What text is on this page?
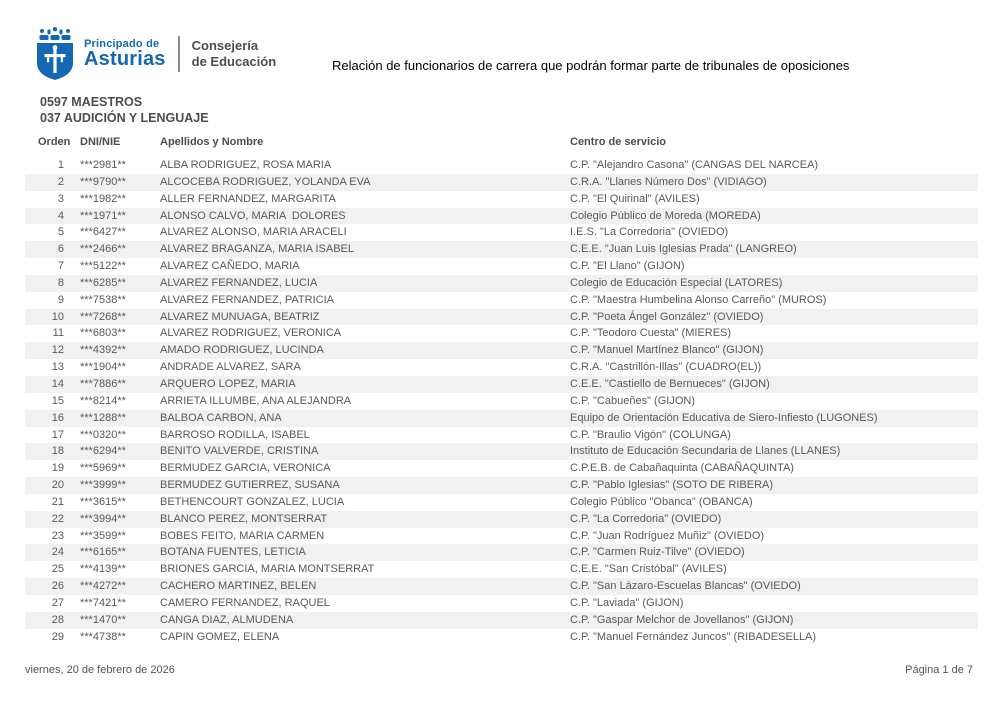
Principado de
Asturias
Consejería
de Educación	Relación de funcionarios de carrera que podrán formar parte de tribunales de oposiciones
0597 MAESTROS
037 AUDICIÓN Y LENGUAJE
Orden DNI/NIE	Apellidos y Nombre	Centro de servicio
1	***2981**	ALBA RODRIGUEZ, ROSA MARIA	C.P. "Alejandro Casona" (CANGAS DEL NARCEA)
2	***9790**	ALCOCEBA RODRIGUEZ, YOLANDA EVA	C.R.A. "Llanes Número Dos" (VIDIAGO)
3	***1982**	ALLER FERNANDEZ, MARGARITA	C.P. "El Quirinal" (AVILES)
4	***1971**	ALONSO CALVO, MARIA  DOLORES	Colegio Público de Moreda (MOREDA)
5	***6427**	ALVAREZ ALONSO, MARIA ARACELI	I.E.S. "La Corredoria" (OVIEDO)
6	***2466**	ALVAREZ BRAGANZA, MARIA ISABEL	C.E.E. "Juan Luis Iglesias Prada" (LANGREO)
7	***5122**	ALVAREZ CAÑEDO, MARIA	C.P. "El Llano" (GIJON)
8	***6285**	ALVAREZ FERNANDEZ, LUCIA	Colegio de Educación Especial (LATORES)
9	***7538**	ALVAREZ FERNANDEZ, PATRICIA	C.P. "Maestra Humbelina Alonso Carreño" (MUROS)
10	***7268**	ALVAREZ MUNUAGA, BEATRIZ	C.P. "Poeta Ángel González" (OVIEDO)
11	***6803**	ALVAREZ RODRIGUEZ, VERONICA	C.P. "Teodoro Cuesta" (MIERES)
12	***4392**	AMADO RODRIGUEZ, LUCINDA	C.P. "Manuel Martínez Blanco" (GIJON)
13	***1904**	ANDRADE ALVAREZ, SARA	C.R.A. "Castrillón-Illas" (CUADRO(EL))
14	***7886**	ARQUERO LOPEZ, MARIA	C.E.E. "Castiello de Bernueces" (GIJON)
15	***8214**	ARRIETA ILLUMBE, ANA ALEJANDRA	C.P. "Cabueñes" (GIJON)
16	***1288**	BALBOA CARBON, ANA	Equipo de Orientación Educativa de Siero-Infiesto (LUGONES)
17	***0320**	BARROSO RODILLA, ISABEL	C.P. "Braulio Vigón" (COLUNGA)
18	***6294**	BENITO VALVERDE, CRISTINA	Instituto de Educación Secundaria de Llanes (LLANES)
19	***5969**	BERMUDEZ GARCIA, VERONICA	C.P.E.B. de Cabañaquinta (CABAÑAQUINTA)
20	***3999**	BERMUDEZ GUTIERREZ, SUSANA	C.P. "Pablo Iglesias" (SOTO DE RIBERA)
21	***3615**	BETHENCOURT GONZALEZ, LUCIA	Colegio Público "Obanca" (OBANCA)
22	***3994**	BLANCO PEREZ, MONTSERRAT	C.P. "La Corredoria" (OVIEDO)
23	***3599**	BOBES FEITO, MARIA CARMEN	C.P. "Juan Rodríguez Muñiz" (OVIEDO)
24	***6165**	BOTANA FUENTES, LETICIA	C.P. "Carmen Ruiz-Tilve" (OVIEDO)
25	***4139**	BRIONES GARCIA, MARIA MONTSERRAT	C.E.E. "San Cristóbal" (AVILES)
26	***4272**	CACHERO MARTINEZ, BELEN	C.P. "San Lázaro-Escuelas Blancas" (OVIEDO)
27	***7421**	CAMERO FERNANDEZ, RAQUEL	C.P. "Laviada" (GIJON)
28	***1470**	CANGA DIAZ, ALMUDENA	C.P. "Gaspar Melchor de Jovellanos" (GIJON)
29	***4738**	CAPIN GOMEZ, ELENA	C.P. "Manuel Fernández Juncos" (RIBADESELLA)
viernes, 20 de febrero de 2026	Página 1 de 7
